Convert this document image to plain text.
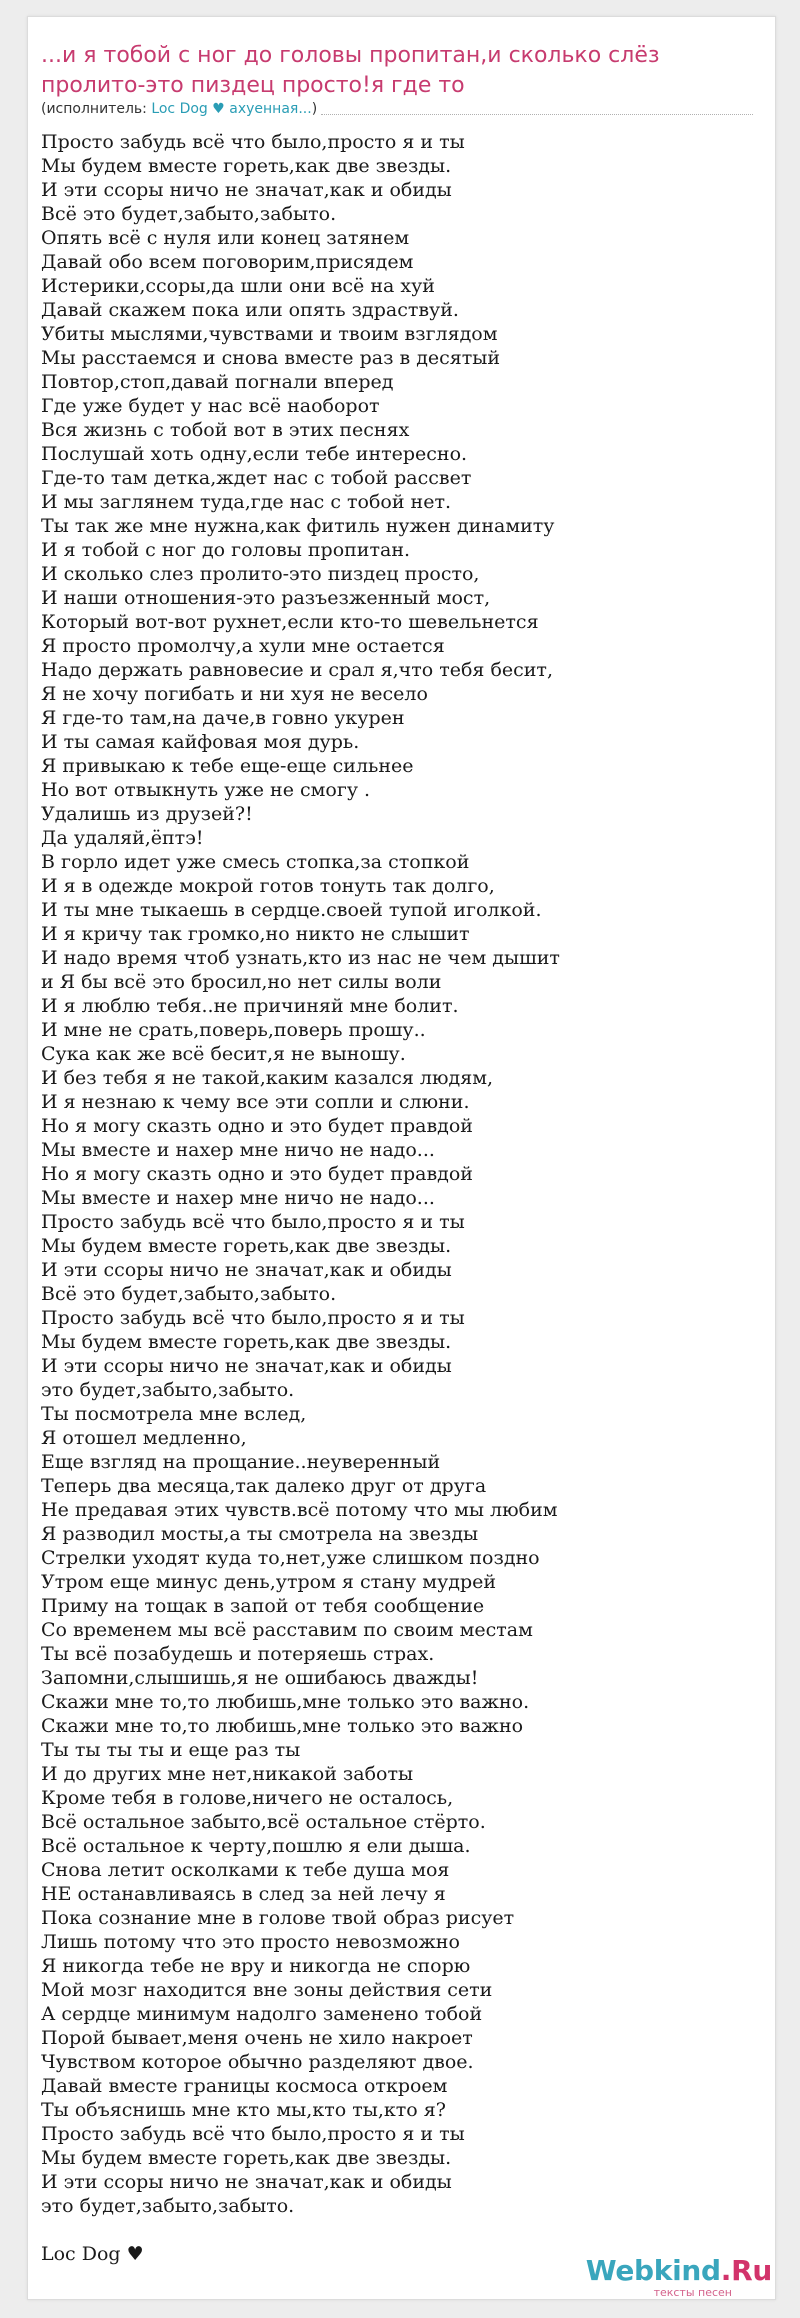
...и я тобой с ног до головы пропитан,и сколько слёз пролито-это пиздец просто!я где то
(исполнитель: Loc Dog ♥ ахуенная...)
Просто забудь всё что было,просто я и ты
Мы будем вместе гореть,как две звезды.
И эти ссоры ничо не значат,как и обиды
Всё это будет,забыто,забыто.
Опять всё с нуля или конец затянем
Давай обо всем поговорим,присядем
Истерики,ссоры,да шли они всё на хуй
Давай скажем пока или опять здраствуй.
Убиты мыслями,чувствами и твоим взглядом
Мы расстаемся и снова вместе раз в десятый
Повтор,стоп,давай погнали вперед
Где уже будет у нас всё наоборот
Вся жизнь с тобой вот в этих песнях
Послушай хоть одну,если тебе интересно.
Где-то там детка,ждет нас с тобой рассвет
И мы заглянем туда,где нас с тобой нет.
Ты так же мне нужна,как фитиль нужен динамиту
И я тобой с ног до головы пропитан.
И сколько слез пролито-это пиздец просто,
И наши отношения-это разъезженный мост,
Который вот-вот рухнет,если кто-то шевельнется
Я просто промолчу,а хули мне остается
Надо держать равновесие и срал я,что тебя бесит,
Я не хочу погибать и ни хуя не весело
Я где-то там,на даче,в говно укурен
И ты самая кайфовая моя дурь.
Я привыкаю к тебе еще-еще сильнее
Но вот отвыкнуть уже не смогу .
Удалишь из друзей?!
Да удаляй,ёптэ!
В горло идет уже смесь стопка,за стопкой
И я в одежде мокрой готов тонуть так долго,
И ты мне тыкаешь в сердце.своей тупой иголкой.
И я кричу так громко,но никто не слышит
И надо время чтоб узнать,кто из нас не чем дышит
и Я бы всё это бросил,но нет силы воли
И я люблю тебя..не причиняй мне болит.
И мне не срать,поверь,поверь прошу..
Сука как же всё бесит,я не выношу.
И без тебя я не такой,каким казался людям,
И я незнаю к чему все эти сопли и слюни.
Но я могу сказть одно и это будет правдой
Мы вместе и нахер мне ничо не надо...
Но я могу сказть одно и это будет правдой
Мы вместе и нахер мне ничо не надо...
Просто забудь всё что было,просто я и ты
Мы будем вместе гореть,как две звезды.
И эти ссоры ничо не значат,как и обиды
Всё это будет,забыто,забыто.
Просто забудь всё что было,просто я и ты
Мы будем вместе гореть,как две звезды.
И эти ссоры ничо не значат,как и обиды
это будет,забыто,забыто.
Ты посмотрела мне вслед,
Я отошел медленно,
Еще взгляд на прощание..неуверенный
Теперь два месяца,так далеко друг от друга
Не предавая этих чувств.всё потому что мы любим
Я разводил мосты,а ты смотрела на звезды
Стрелки уходят куда то,нет,уже слишком поздно
Утром еще минус день,утром я стану мудрей
Приму на тощак в запой от тебя сообщение
Со временем мы всё расставим по своим местам
Ты всё позабудешь и потеряешь страх.
Запомни,слышишь,я не ошибаюсь дважды!
Скажи мне то,то любишь,мне только это важно.
Скажи мне то,то любишь,мне только это важно
Ты ты ты ты и еще раз ты
И до других мне нет,никакой заботы
Кроме тебя в голове,ничего не осталось,
Всё остальное забыто,всё остальное стёрто.
Всё остальное к черту,пошлю я ели дыша.
Снова летит осколками к тебе душа моя
НЕ останавливаясь в след за ней лечу я
Пока сознание мне в голове твой образ рисует
Лишь потому что это просто невозможно
Я никогда тебе не вру и никогда не спорю
Мой мозг находится вне зоны действия сети
А сердце минимум надолго заменено тобой
Порой бывает,меня очень не хило накроет
Чувством которое обычно разделяют двое.
Давай вместе границы космоса откроем
Ты объяснишь мне кто мы,кто ты,кто я?
Просто забудь всё что было,просто я и ты
Мы будем вместе гореть,как две звезды.
И эти ссоры ничо не значат,как и обиды
это будет,забыто,забыто.
Loc Dog ♥	Webkind.Ru
тексты песен
